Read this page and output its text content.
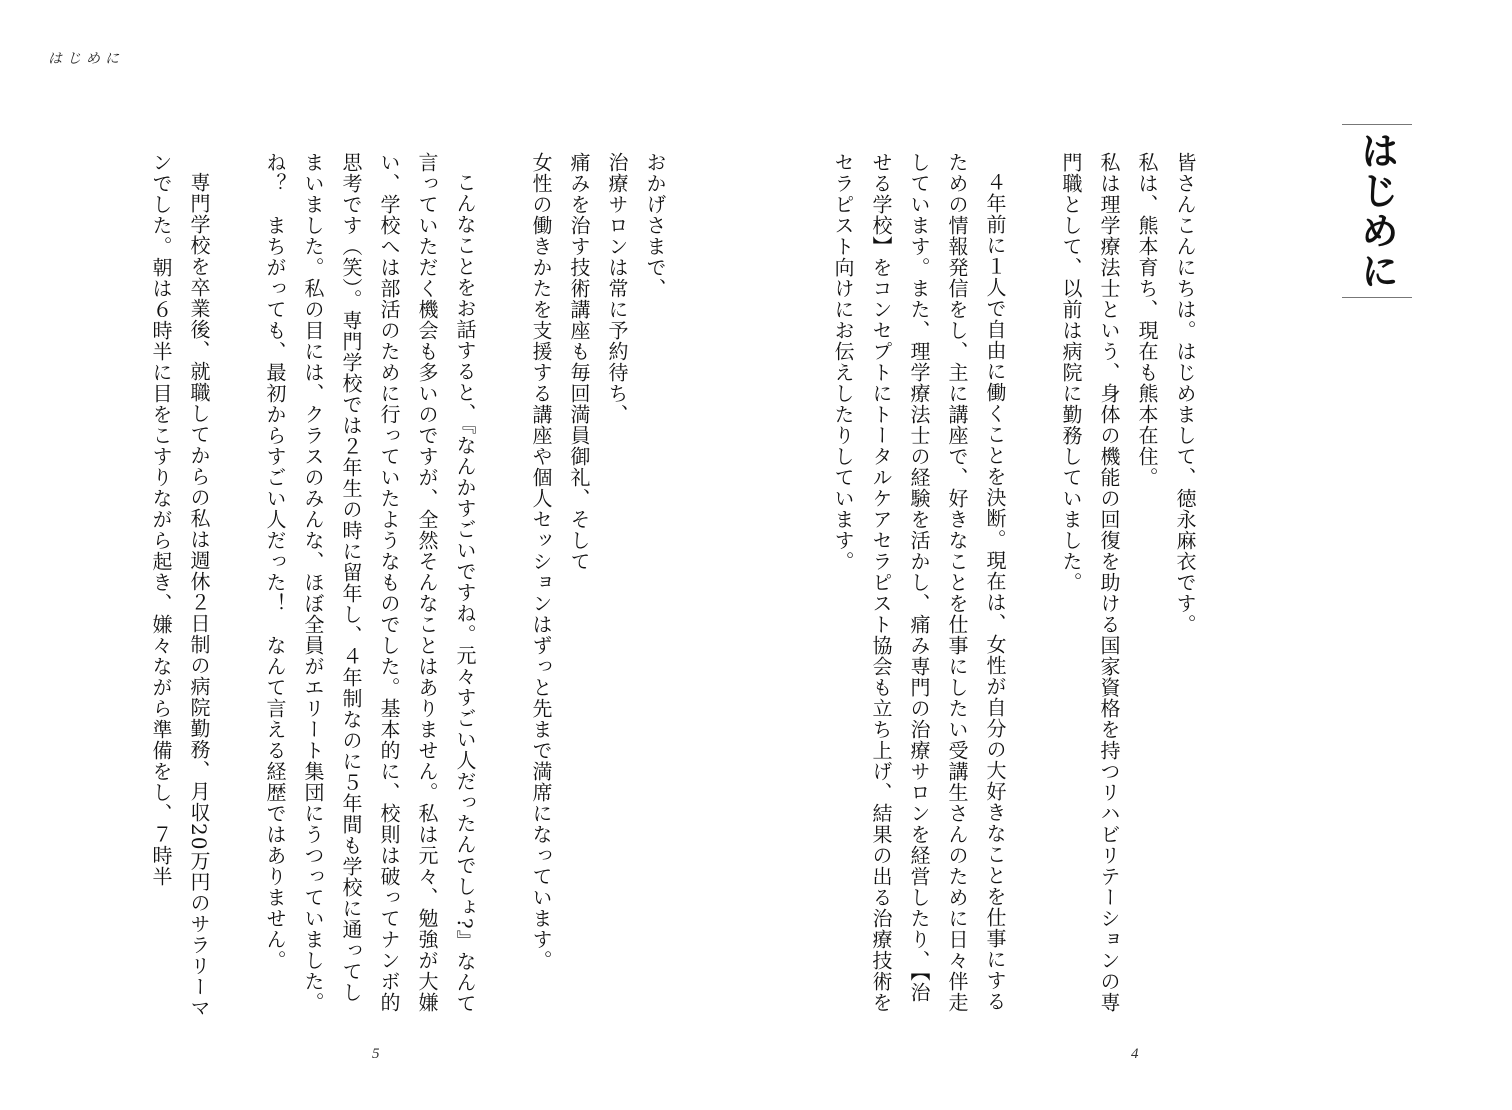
はじめに

おかげさまで、

治療サロンは常に予約待ち、

痛みを治す技術講座も毎回満員御礼、そして

女性の働きかたを支援する講座や個人セッションはずっと先まで満席になっています。

こんなことをお話すると、『なんかすごいですね。元々すごい人だったんでしょ?』なんて言っていただく機会も多いのですが、全然そんなことはありません。私は元々、勉強が大嫌い、学校へは部活のために行っていたようなものでした。基本的に、校則は破ってナンボ的思考です（笑）。専門学校では２年生の時に留年し、４年制なのに５年間も学校に通ってしまいました。私の目には、クラスのみんな、ほぼ全員がエリート集団にうつっていました。

ね？　まちがっても、最初からすごい人だった！　なんて言える経歴ではありません。

専門学校を卒業後、就職してからの私は週休２日制の病院勤務、月収20万円のサラリーマンでした。朝は６時半に目をこすりながら起き、嫌々ながら準備をし、７時半

5
はじめに

皆さんこんにちは。はじめまして、徳永麻衣です。

私は、熊本育ち、現在も熊本在住。

私は理学療法士という、身体の機能の回復を助ける国家資格を持つリハビリテーションの専門職として、以前は病院に勤務していました。

４年前に１人で自由に働くことを決断。現在は、女性が自分の大好きなことを仕事にするための情報発信をし、主に講座で、好きなことを仕事にしたい受講生さんのために日々伴走しています。また、理学療法士の経験を活かし、痛み専門の治療サロンを経営したり、【治せる学校】をコンセプトにトータルケアセラピスト協会も立ち上げ、結果の出る治療技術をセラピスト向けにお伝えしたりしています。

4
